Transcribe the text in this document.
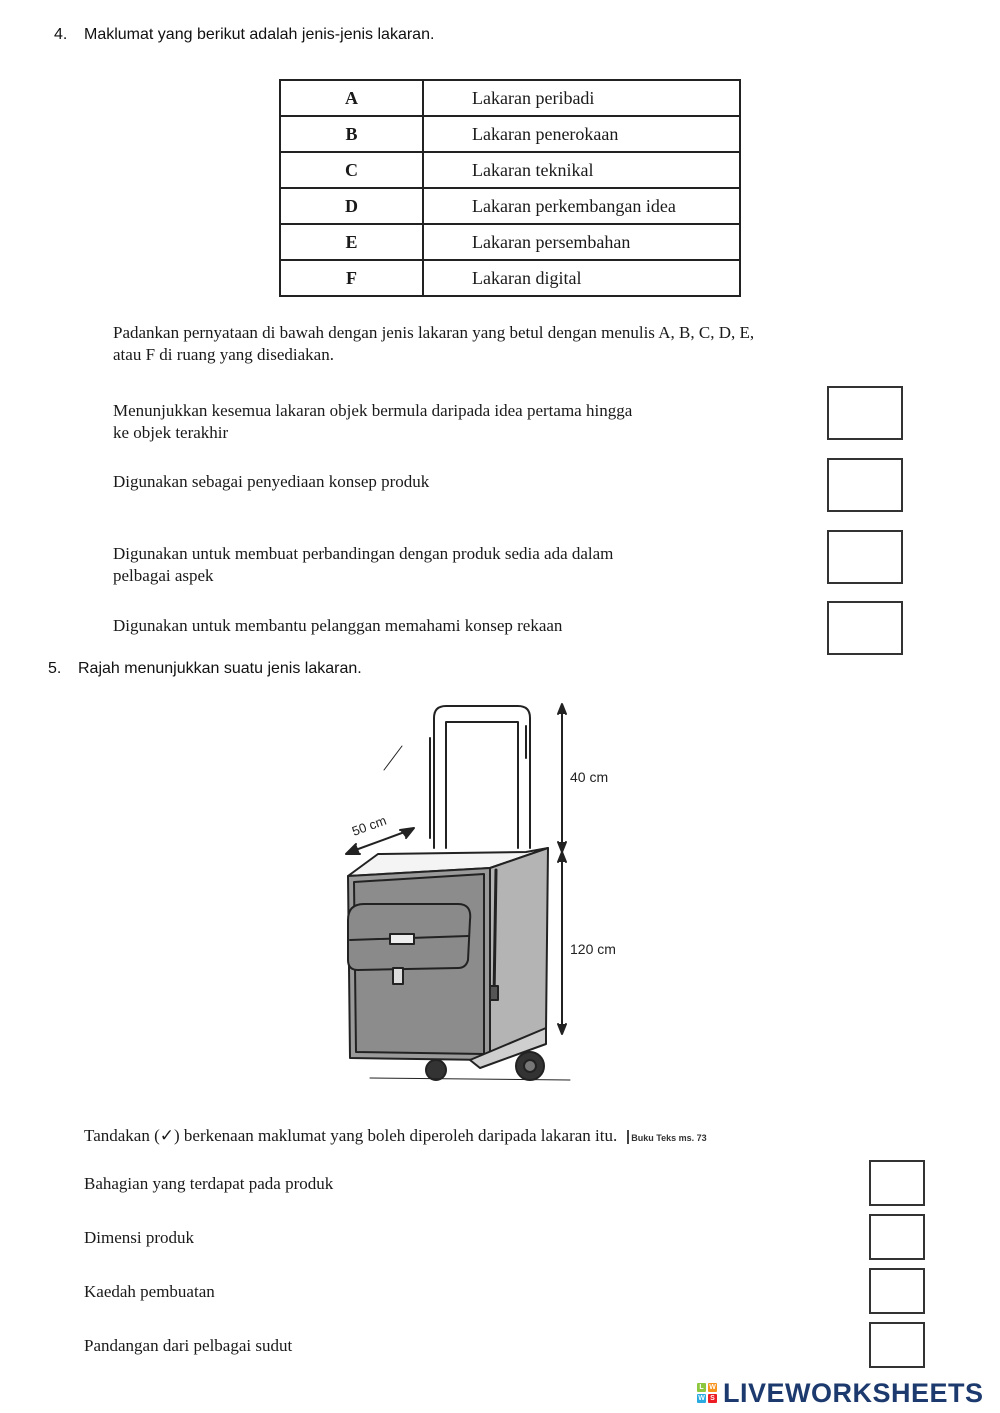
4. Maklumat yang berikut adalah jenis-jenis lakaran.
A	Lakaran peribadi
B	Lakaran penerokaan
C	Lakaran teknikal
D	Lakaran perkembangan idea
E	Lakaran persembahan
F	Lakaran digital
Padankan pernyataan di bawah dengan jenis lakaran yang betul dengan menulis A, B, C, D, E,
atau F di ruang yang disediakan.
Menunjukkan kesemua lakaran objek bermula daripada idea pertama hingga
ke objek terakhir
Digunakan sebagai penyediaan konsep produk
Digunakan untuk membuat perbandingan dengan produk sedia ada dalam
pelbagai aspek
Digunakan untuk membantu pelanggan memahami konsep rekaan
5. Rajah menunjukkan suatu jenis lakaran.
40 cm
120 cm
50 cm
Tandakan (✓) berkenaan maklumat yang boleh diperoleh daripada lakaran itu. Buku Teks ms. 73
Bahagian yang terdapat pada produk
Dimensi produk
Kaedah pembuatan
Pandangan dari pelbagai sudut
L W
W S LIVEWORKSHEETS
